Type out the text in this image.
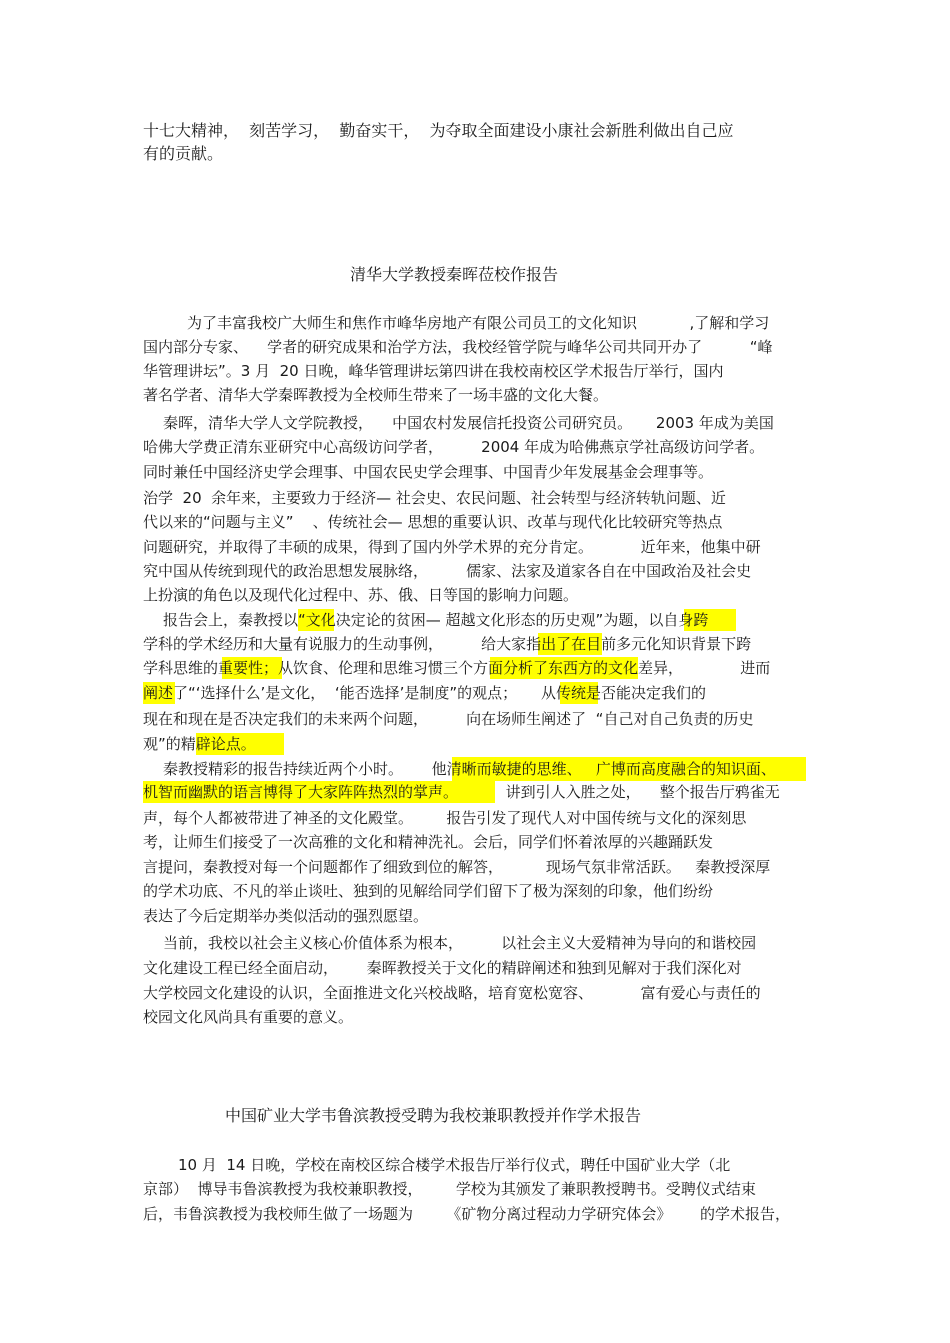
十七大精神，  刻苦学习，  勤奋实干，  为夺取全面建设小康社会新胜利做出自己应
有的贡献。
清华大学教授秦晖莅校作报告
为了丰富我校广大师生和焦作市峰华房地产有限公司员工的文化知识           ,了解和学习
国内部分专家、    学者的研究成果和治学方法，我校经管学院与峰华公司共同开办了          “峰
华管理讲坛”。3 月  20 日晚，峰华管理讲坛第四讲在我校南校区学术报告厅举行，国内
著名学者、清华大学秦晖教授为全校师生带来了一场丰盛的文化大餐。
秦晖，清华大学人文学院教授，    中国农村发展信托投资公司研究员。     2003 年成为美国
哈佛大学费正清东亚研究中心高级访问学者，        2004 年成为哈佛燕京学社高级访问学者。
同时兼任中国经济史学会理事、中国农民史学会理事、中国青少年发展基金会理事等。
治学  20  余年来，主要致力于经济— 社会史、农民问题、社会转型与经济转轨问题、近
代以来的“问题与主义”    、传统社会— 思想的重要认识、改革与现代化比较研究等热点
问题研究，并取得了丰硕的成果，得到了国内外学术界的充分肯定。          近年来，他集中研
究中国从传统到现代的政治思想发展脉络，        儒家、法家及道家各自在中国政治及社会史
上扮演的角色以及现代化过程中、苏、俄、日等国的影响力问题。
报告会上，秦教授以“文化决定论的贫困— 超越文化形态的历史观”为题，以自身跨
学科的学术经历和大量有说服力的生动事例，        给大家指出了在目前多元化知识背景下跨
学科思维的重要性；从饮食、伦理和思维习惯三个方面分析了东西方的文化差异，            进而
阐述了“‘选择什么’是文化，  ‘能否选择’是制度”的观点；     从传统是否能决定我们的
现在和现在是否决定我们的未来两个问题，        向在场师生阐述了  “自己对自己负责的历史
观”的精辟论点。
秦教授精彩的报告持续近两个小时。      他清晰而敏捷的思维、   广博而高度融合的知识面、
机智而幽默的语言博得了大家阵阵热烈的掌声。          讲到引人入胜之处，    整个报告厅鸦雀无
声，每个人都被带进了神圣的文化殿堂。       报告引发了现代人对中国传统与文化的深刻思
考，让师生们接受了一次高雅的文化和精神洗礼。会后，同学们怀着浓厚的兴趣踊跃发
言提问，秦教授对每一个问题都作了细致到位的解答，         现场气氛非常活跃。   秦教授深厚
的学术功底、不凡的举止谈吐、独到的见解给同学们留下了极为深刻的印象，他们纷纷
表达了今后定期举办类似活动的强烈愿望。
当前，我校以社会主义核心价值体系为根本，        以社会主义大爱精神为导向的和谐校园
文化建设工程已经全面启动，      秦晖教授关于文化的精辟阐述和独到见解对于我们深化对
大学校园文化建设的认识，全面推进文化兴校战略，培育宽松宽容、          富有爱心与责任的
校园文化风尚具有重要的意义。
中国矿业大学韦鲁滨教授受聘为我校兼职教授并作学术报告
10 月  14 日晚，学校在南校区综合楼学术报告厅举行仪式，聘任中国矿业大学（北
京部）  博导韦鲁滨教授为我校兼职教授，       学校为其颁发了兼职教授聘书。受聘仪式结束
后，韦鲁滨教授为我校师生做了一场题为       《矿物分离过程动力学研究体会》      的学术报告，
